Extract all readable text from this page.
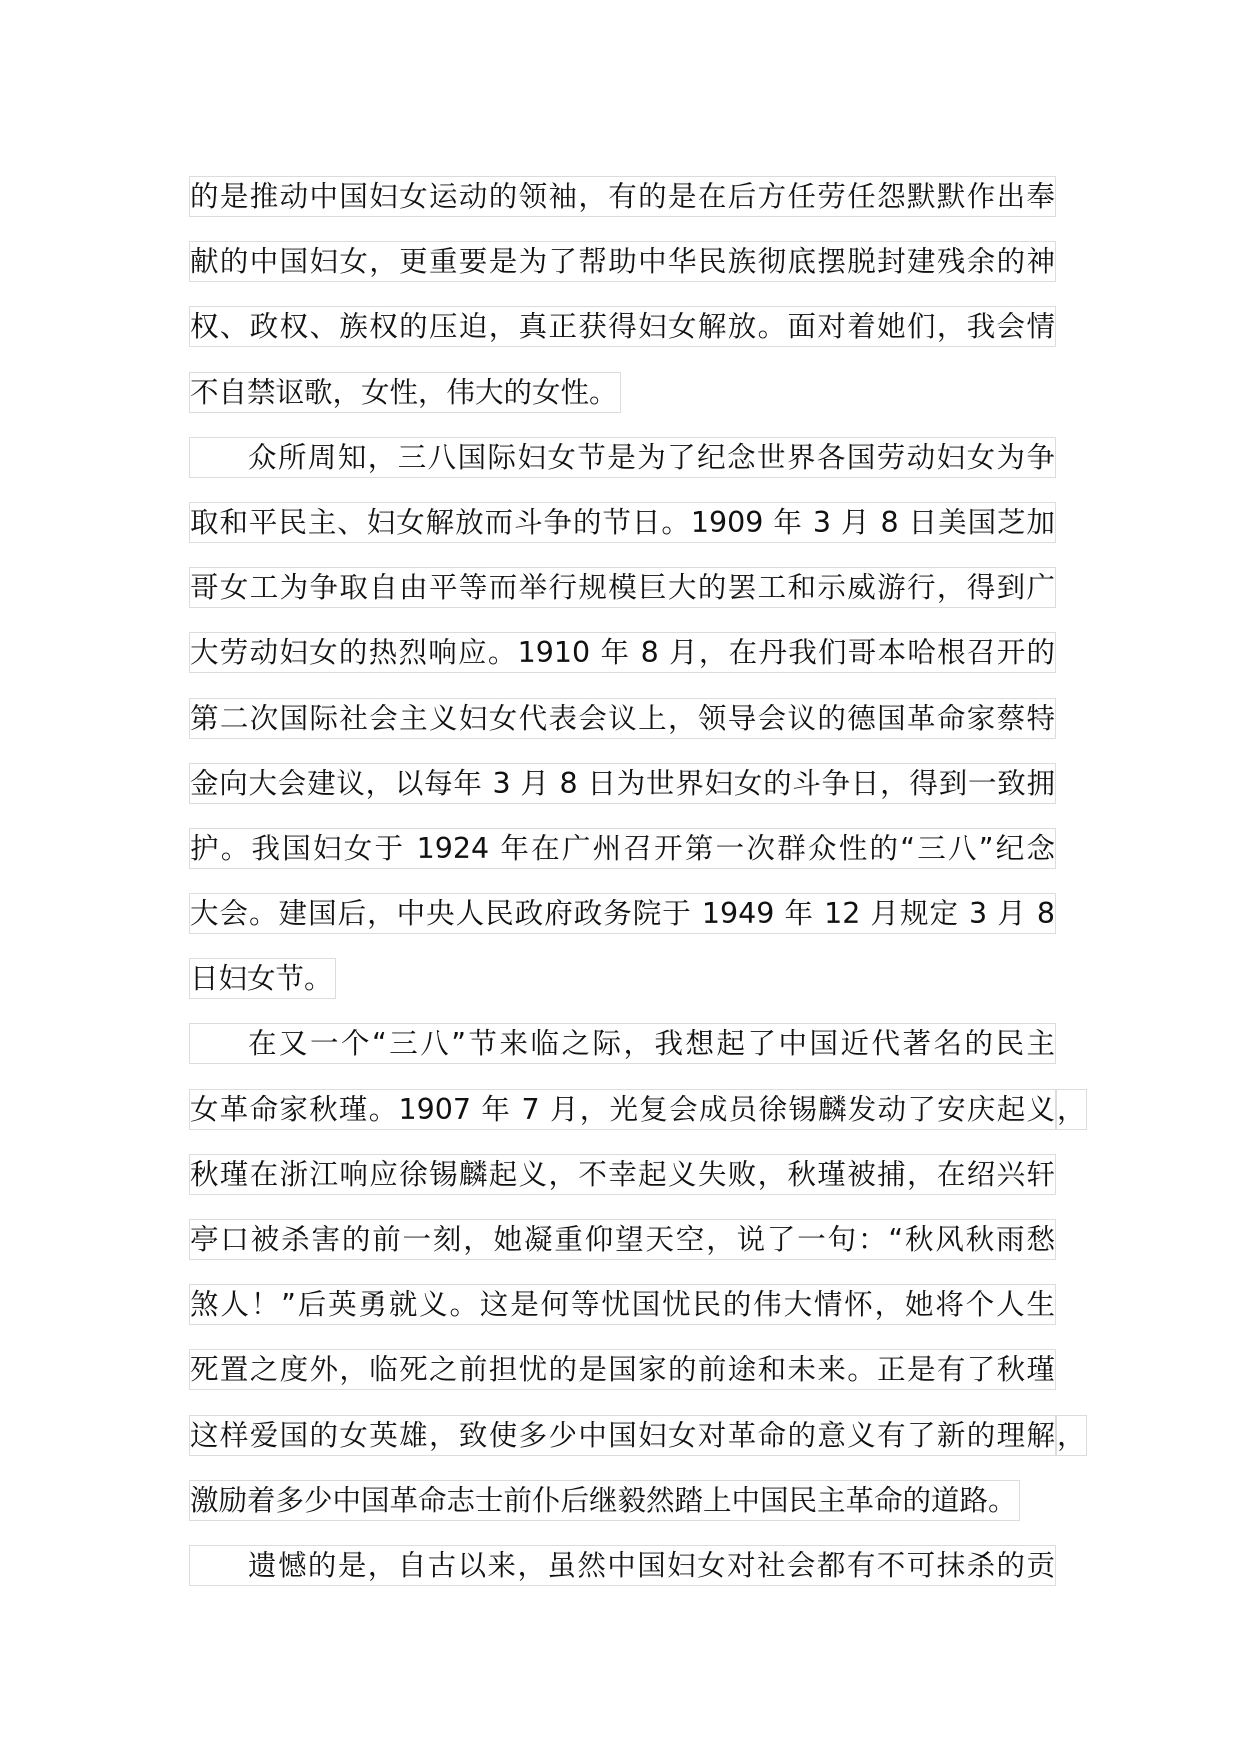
的是推动中国妇女运动的领袖，有的是在后方任劳任怨默默作出奉
献的中国妇女，更重要是为了帮助中华民族彻底摆脱封建残余的神
权、政权、族权的压迫，真正获得妇女解放。面对着她们，我会情
不自禁讴歌，女性，伟大的女性。
众所周知，三八国际妇女节是为了纪念世界各国劳动妇女为争
取和平民主、妇女解放而斗争的节日。1909 年 3 月 8 日美国芝加
哥女工为争取自由平等而举行规模巨大的罢工和示威游行，得到广
大劳动妇女的热烈响应。1910 年 8 月，在丹我们哥本哈根召开的
第二次国际社会主义妇女代表会议上，领导会议的德国革命家蔡特
金向大会建议，以每年 3 月 8 日为世界妇女的斗争日，得到一致拥
护。我国妇女于 1924 年在广州召开第一次群众性的“三八”纪念
大会。建国后，中央人民政府政务院于 1949 年 12 月规定 3 月 8
日妇女节。
在又一个“三八”节来临之际，我想起了中国近代著名的民主
女革命家秋瑾。1907 年 7 月，光复会成员徐锡麟发动了安庆起义，
秋瑾在浙江响应徐锡麟起义，不幸起义失败，秋瑾被捕，在绍兴轩
亭口被杀害的前一刻，她凝重仰望天空，说了一句：“秋风秋雨愁
煞人！”后英勇就义。这是何等忧国忧民的伟大情怀，她将个人生
死置之度外，临死之前担忧的是国家的前途和未来。正是有了秋瑾
这样爱国的女英雄，致使多少中国妇女对革命的意义有了新的理解，
激励着多少中国革命志士前仆后继毅然踏上中国民主革命的道路。
遗憾的是，自古以来，虽然中国妇女对社会都有不可抹杀的贡
